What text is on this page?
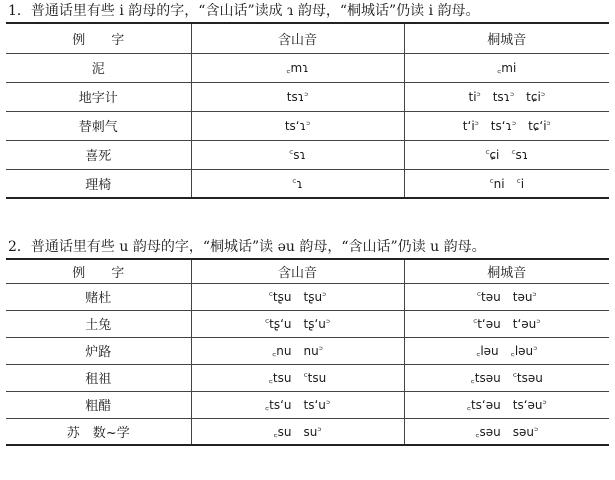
1．普通话里有些 i 韵母的字，“含山话”读成 ɿ 韵母，“桐城话”仍读 i 韵母。
例　　字	含山音	桐城音
泥	꜀mɿ	꜀mi
地字计	tsɿ꜄	ti꜄　tsɿ꜄　tɕi꜄
替刺气	tsʻɿ꜄	tʻi꜄　tsʻɿ꜄　tɕʻi꜄
喜死	꜂sɿ	꜂ɕi　꜂sɿ
理椅	꜂ɿ	꜂ni　꜂i
2．普通话里有些 u 韵母的字，“桐城话”读 əu 韵母，“含山话”仍读 u 韵母。
例　　字	含山音	桐城音
赌杜	꜂tʂu　tʂu꜄	꜂təu　təu꜄
土兔	꜂tʂʻu　tʂʻu꜄	꜂tʻəu　tʻəu꜄
炉路	꜀nu　nu꜄	꜀ləu　꜀ləu꜄
租祖	꜀tsu　꜂tsu	꜀tsəu　꜂tsəu
粗醋	꜀tsʻu　tsʻu꜄	꜀tsʻəu　tsʻəu꜄
苏　数~学	꜀su　su꜄	꜀səu　səu꜄
